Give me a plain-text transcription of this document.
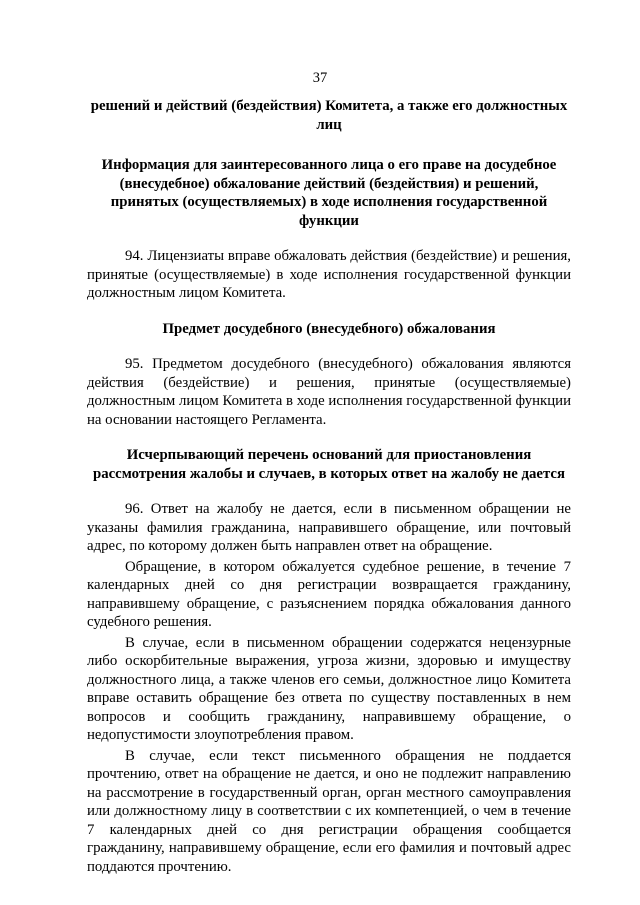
37

решений и действий (бездействия) Комитета, а также его должностных лиц

Информация для заинтересованного лица о его праве на досудебное (внесудебное) обжалование действий (бездействия) и решений, принятых (осуществляемых) в ходе исполнения государственной функции

94. Лицензиаты вправе обжаловать действия (бездействие) и решения, принятые (осуществляемые) в ходе исполнения государственной функции должностным лицом Комитета.

Предмет досудебного (внесудебного) обжалования

95. Предметом досудебного (внесудебного) обжалования являются действия (бездействие) и решения, принятые (осуществляемые) должностным лицом Комитета в ходе исполнения государственной функции на основании настоящего Регламента.

Исчерпывающий перечень оснований для приостановления рассмотрения жалобы и случаев, в которых ответ на жалобу не дается

96. Ответ на жалобу не дается, если в письменном обращении не указаны фамилия гражданина, направившего обращение, или почтовый адрес, по которому должен быть направлен ответ на обращение.

Обращение, в котором обжалуется судебное решение, в течение 7 календарных дней со дня регистрации возвращается гражданину, направившему обращение, с разъяснением порядка обжалования данного судебного решения.

В случае, если в письменном обращении содержатся нецензурные либо оскорбительные выражения, угроза жизни, здоровью и имуществу должностного лица, а также членов его семьи, должностное лицо Комитета вправе оставить обращение без ответа по существу поставленных в нем вопросов и сообщить гражданину, направившему обращение, о недопустимости злоупотребления правом.

В случае, если текст письменного обращения не поддается прочтению, ответ на обращение не дается, и оно не подлежит направлению на рассмотрение в государственный орган, орган местного самоуправления или должностному лицу в соответствии с их компетенцией, о чем в течение 7 календарных дней со дня регистрации обращения сообщается гражданину, направившему обращение, если его фамилия и почтовый адрес поддаются прочтению.
